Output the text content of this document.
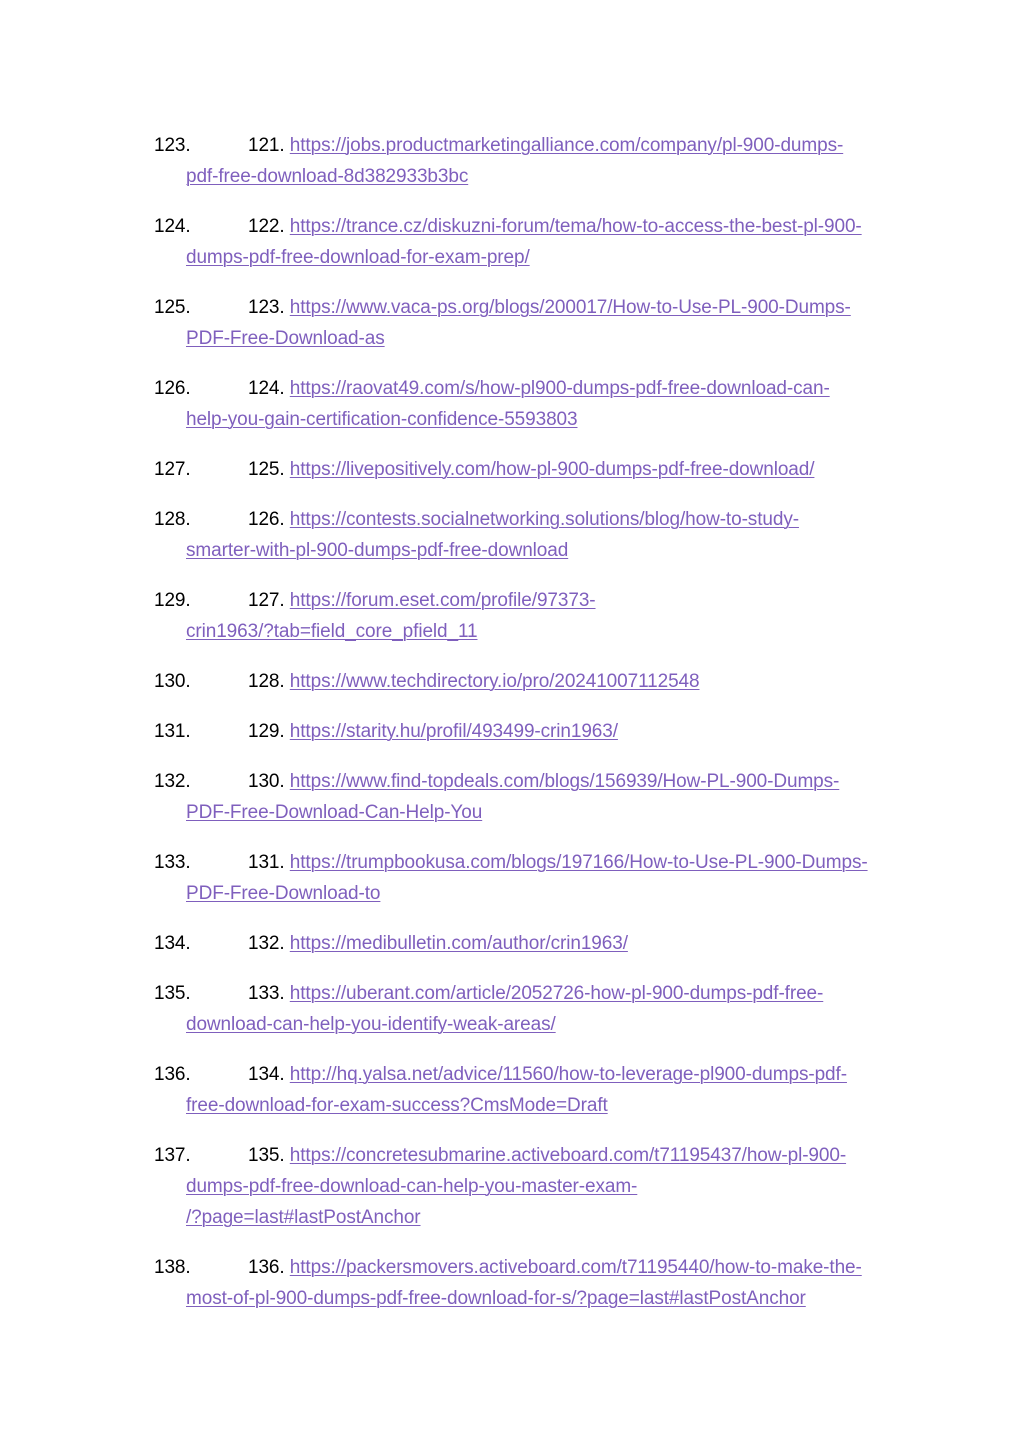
123.	121. https://jobs.productmarketingalliance.com/company/pl-900-dumps-
pdf-free-download-8d382933b3bc
124.	122. https://trance.cz/diskuzni-forum/tema/how-to-access-the-best-pl-900-
dumps-pdf-free-download-for-exam-prep/
125.	123. https://www.vaca-ps.org/blogs/200017/How-to-Use-PL-900-Dumps-
PDF-Free-Download-as
126.	124. https://raovat49.com/s/how-pl900-dumps-pdf-free-download-can-
help-you-gain-certification-confidence-5593803
127.	125. https://livepositively.com/how-pl-900-dumps-pdf-free-download/
128.	126. https://contests.socialnetworking.solutions/blog/how-to-study-
smarter-with-pl-900-dumps-pdf-free-download
129.	127. https://forum.eset.com/profile/97373-
crin1963/?tab=field_core_pfield_11
130.	128. https://www.techdirectory.io/pro/20241007112548
131.	129. https://starity.hu/profil/493499-crin1963/
132.	130. https://www.find-topdeals.com/blogs/156939/How-PL-900-Dumps-
PDF-Free-Download-Can-Help-You
133.	131. https://trumpbookusa.com/blogs/197166/How-to-Use-PL-900-Dumps-
PDF-Free-Download-to
134.	132. https://medibulletin.com/author/crin1963/
135.	133. https://uberant.com/article/2052726-how-pl-900-dumps-pdf-free-
download-can-help-you-identify-weak-areas/
136.	134. http://hq.yalsa.net/advice/11560/how-to-leverage-pl900-dumps-pdf-
free-download-for-exam-success?CmsMode=Draft
137.	135. https://concretesubmarine.activeboard.com/t71195437/how-pl-900-
dumps-pdf-free-download-can-help-you-master-exam-
/?page=last#lastPostAnchor
138.	136. https://packersmovers.activeboard.com/t71195440/how-to-make-the-
most-of-pl-900-dumps-pdf-free-download-for-s/?page=last#lastPostAnchor
